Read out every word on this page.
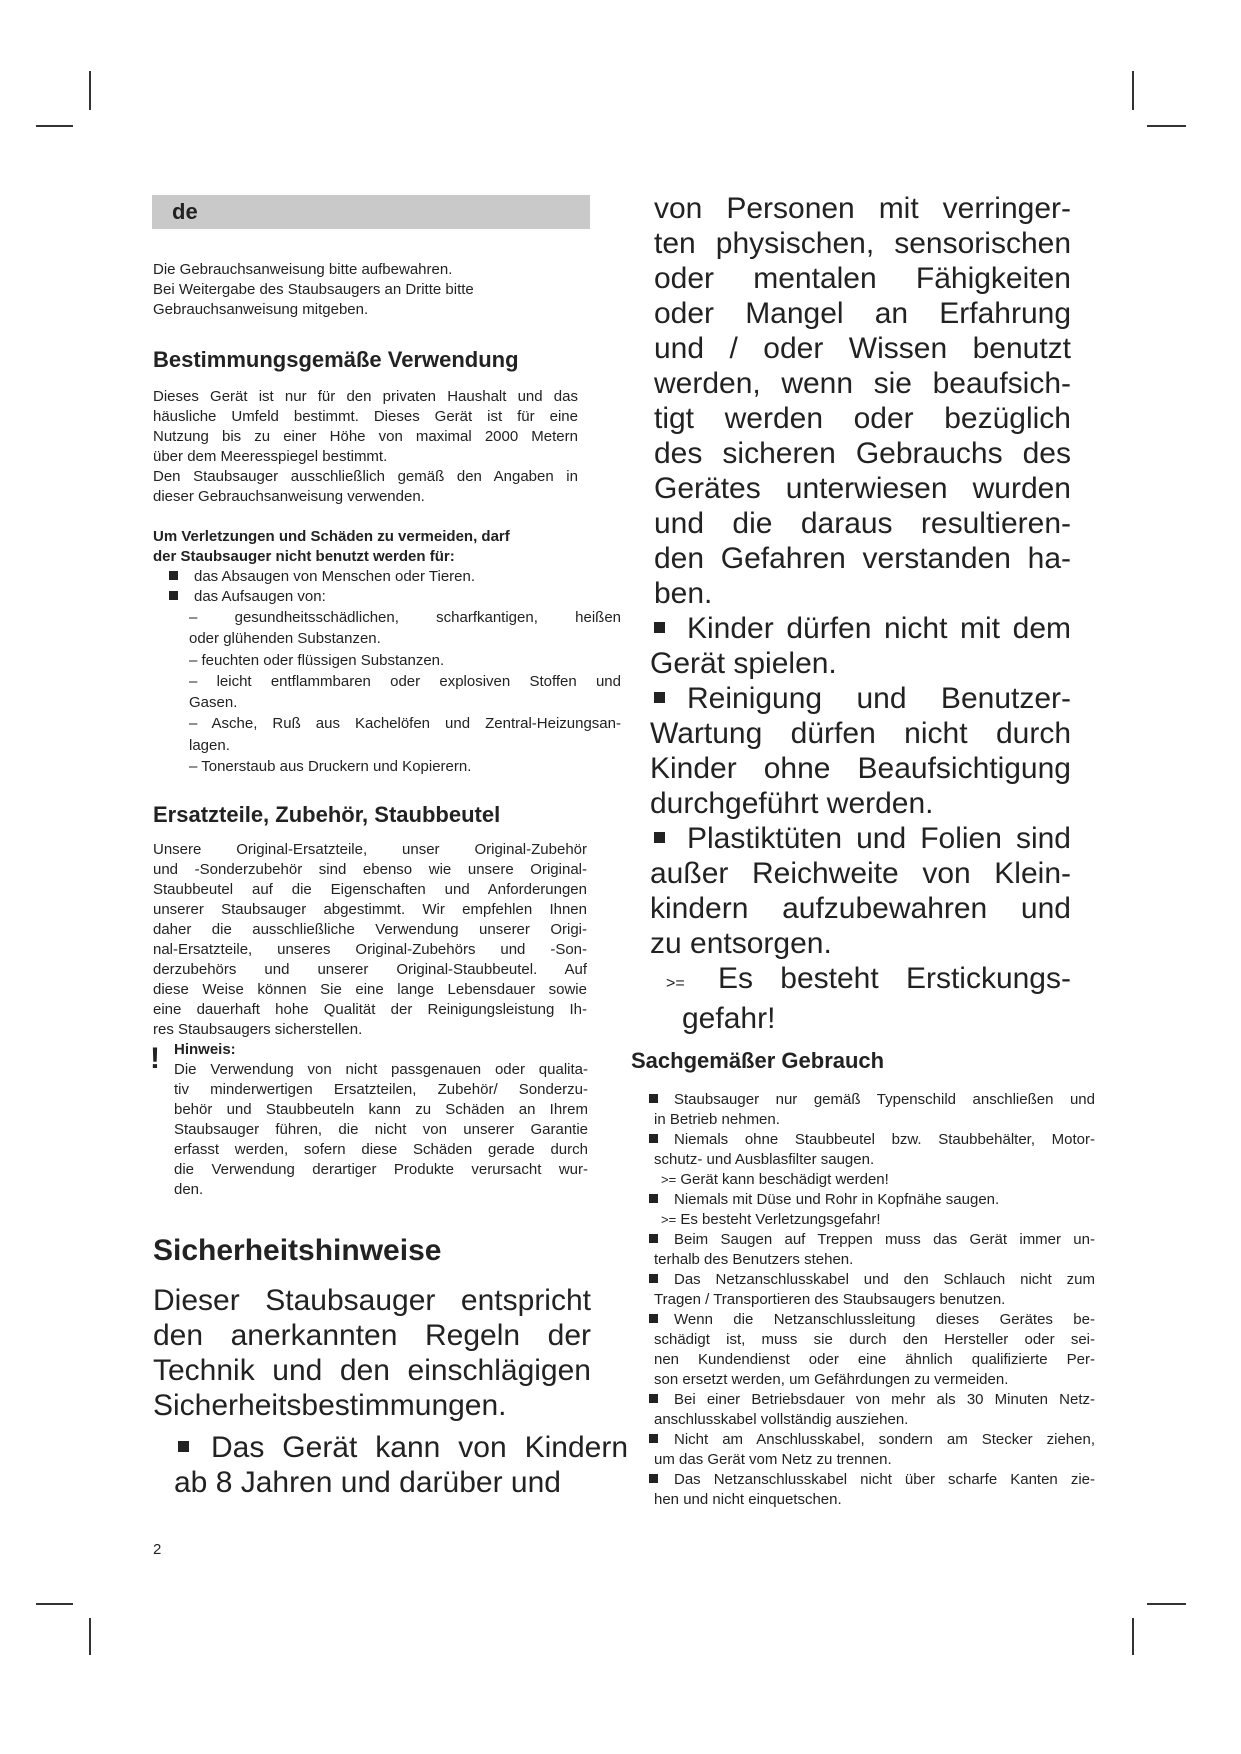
de
Die Gebrauchsanweisung bitte aufbewahren.
Bei Weitergabe des Staubsaugers an Dritte bitte
Gebrauchsanweisung mitgeben.
Bestimmungsgemäße Verwendung
Dieses Gerät ist nur für den privaten Haushalt und das
häusliche Umfeld bestimmt. Dieses Gerät ist für eine
Nutzung bis zu einer Höhe von maximal 2000 Metern
über dem Meeresspiegel bestimmt.
Den Staubsauger ausschließlich gemäß den Angaben in
dieser Gebrauchsanweisung verwenden.
Um Verletzungen und Schäden zu vermeiden, darf
der Staubsauger nicht benutzt werden für:
das Absaugen von Menschen oder Tieren.
das Aufsaugen von:
– gesundheitsschädlichen, scharfkantigen, heißen
oder glühenden Substanzen.
– feuchten oder flüssigen Substanzen.
– leicht entflammbaren oder explosiven Stoffen und
Gasen.
– Asche, Ruß aus Kachelöfen und Zentral-Heizungsan-
lagen.
– Tonerstaub aus Druckern und Kopierern.
Ersatzteile, Zubehör, Staubbeutel
Unsere Original-Ersatzteile, unser Original-Zubehör
und -Sonderzubehör sind ebenso wie unsere Original-
Staubbeutel auf die Eigenschaften und Anforderungen
unserer Staubsauger abgestimmt. Wir empfehlen Ihnen
daher die ausschließliche Verwendung unserer Origi-
nal-Ersatzteile, unseres Original-Zubehörs und -Son-
derzubehörs und unserer Original-Staubbeutel. Auf
diese Weise können Sie eine lange Lebensdauer sowie
eine dauerhaft hohe Qualität der Reinigungsleistung Ih-
res Staubsaugers sicherstellen.
! Hinweis:
Die Verwendung von nicht passgenauen oder qualita-
tiv minderwertigen Ersatzteilen, Zubehör/ Sonderzu-
behör und Staubbeuteln kann zu Schäden an Ihrem
Staubsauger führen, die nicht von unserer Garantie
erfasst werden, sofern diese Schäden gerade durch
die Verwendung derartiger Produkte verursacht wur-
den.
Sicherheitshinweise
Dieser Staubsauger entspricht
den anerkannten Regeln der
Technik und den einschlägigen
Sicherheitsbestimmungen.
Das Gerät kann von Kindern
ab 8 Jahren und darüber und
2
von Personen mit verringer-
ten physischen, sensorischen
oder mentalen Fähigkeiten
oder Mangel an Erfahrung
und / oder Wissen benutzt
werden, wenn sie beaufsich-
tigt werden oder bezüglich
des sicheren Gebrauchs des
Gerätes unterwiesen wurden
und die daraus resultieren-
den Gefahren verstanden ha-
ben.
Kinder dürfen nicht mit dem
Gerät spielen.
Reinigung und Benutzer-
Wartung dürfen nicht durch
Kinder ohne Beaufsichtigung
durchgeführt werden.
Plastiktüten und Folien sind
außer Reichweite von Klein-
kindern aufzubewahren und
zu entsorgen.
>= Es besteht Erstickungs-
gefahr!
Sachgemäßer Gebrauch
Staubsauger nur gemäß Typenschild anschließen und
in Betrieb nehmen.
Niemals ohne Staubbeutel bzw. Staubbehälter, Motor-
schutz- und Ausblasfilter saugen.
>= Gerät kann beschädigt werden!
Niemals mit Düse und Rohr in Kopfnähe saugen.
>= Es besteht Verletzungsgefahr!
Beim Saugen auf Treppen muss das Gerät immer un-
terhalb des Benutzers stehen.
Das Netzanschlusskabel und den Schlauch nicht zum
Tragen / Transportieren des Staubsaugers benutzen.
Wenn die Netzanschlussleitung dieses Gerätes be-
schädigt ist, muss sie durch den Hersteller oder sei-
nen Kundendienst oder eine ähnlich qualifizierte Per-
son ersetzt werden, um Gefährdungen zu vermeiden.
Bei einer Betriebsdauer von mehr als 30 Minuten Netz-
anschlusskabel vollständig ausziehen.
Nicht am Anschlusskabel, sondern am Stecker ziehen,
um das Gerät vom Netz zu trennen.
Das Netzanschlusskabel nicht über scharfe Kanten zie-
hen und nicht einquetschen.
